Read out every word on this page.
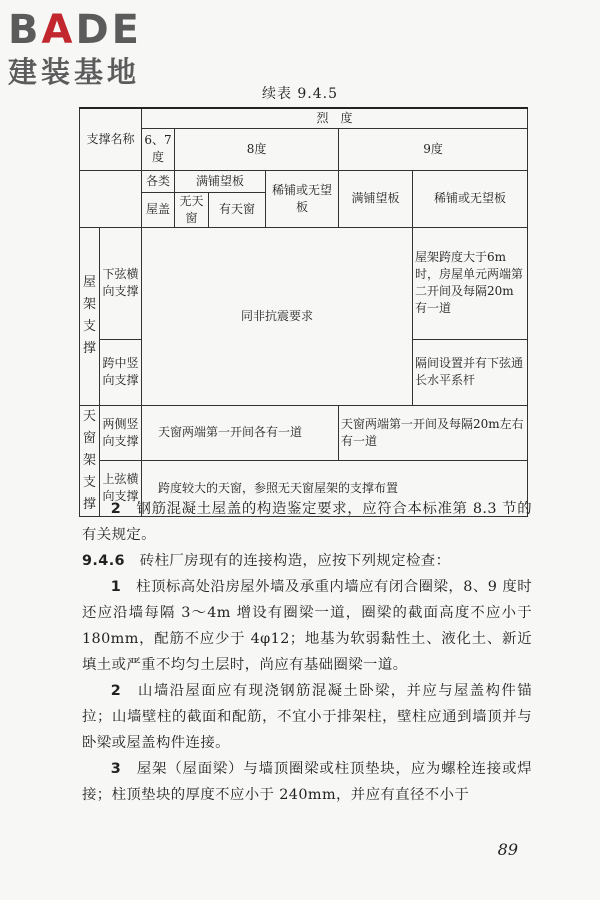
BADE
建装基地
续表 9.4.5
支撑名称		烈　度					
		6、7度	8度			9度	
		各类	满铺望板		稀铺或无望板	满铺望板	稀铺或无望板
		屋盖	无天窗	有天窗			
屋架支撑	下弦横向支撑	同非抗震要求					屋架跨度大于6m时，房屋单元两端第二开间及每隔20m有一道
	跨中竖向支撑						隔间设置并有下弦通长水平系杆
天窗架支撑	两侧竖向支撑	天窗两端第一开间各有一道				天窗两端第一开间及每隔20m左右有一道	
	上弦横向支撑	跨度较大的天窗，参照无天窗屋架的支撑布置					

2　 钢筋混凝土屋盖的构造鉴定要求，应符合本标准第 8.3 节的有关规定。

9.4.6　 砖柱厂房现有的连接构造，应按下列规定检查：

1　 柱顶标高处沿房屋外墙及承重内墙应有闭合圈梁，8、9 度时还应沿墙每隔 3～4m 增设有圈梁一道，圈梁的截面高度不应小于 180mm，配筋不应少于 4φ12；地基为软弱黏性土、液化土、新近填土或严重不均匀土层时，尚应有基础圈梁一道。

2　 山墙沿屋面应有现浇钢筋混凝土卧梁，并应与屋盖构件锚拉；山墙壁柱的截面和配筋，不宜小于排架柱，壁柱应通到墙顶并与卧梁或屋盖构件连接。

3　 屋架（屋面梁）与墙顶圈梁或柱顶垫块，应为螺栓连接或焊接；柱顶垫块的厚度不应小于 240mm，并应有直径不小于

89
